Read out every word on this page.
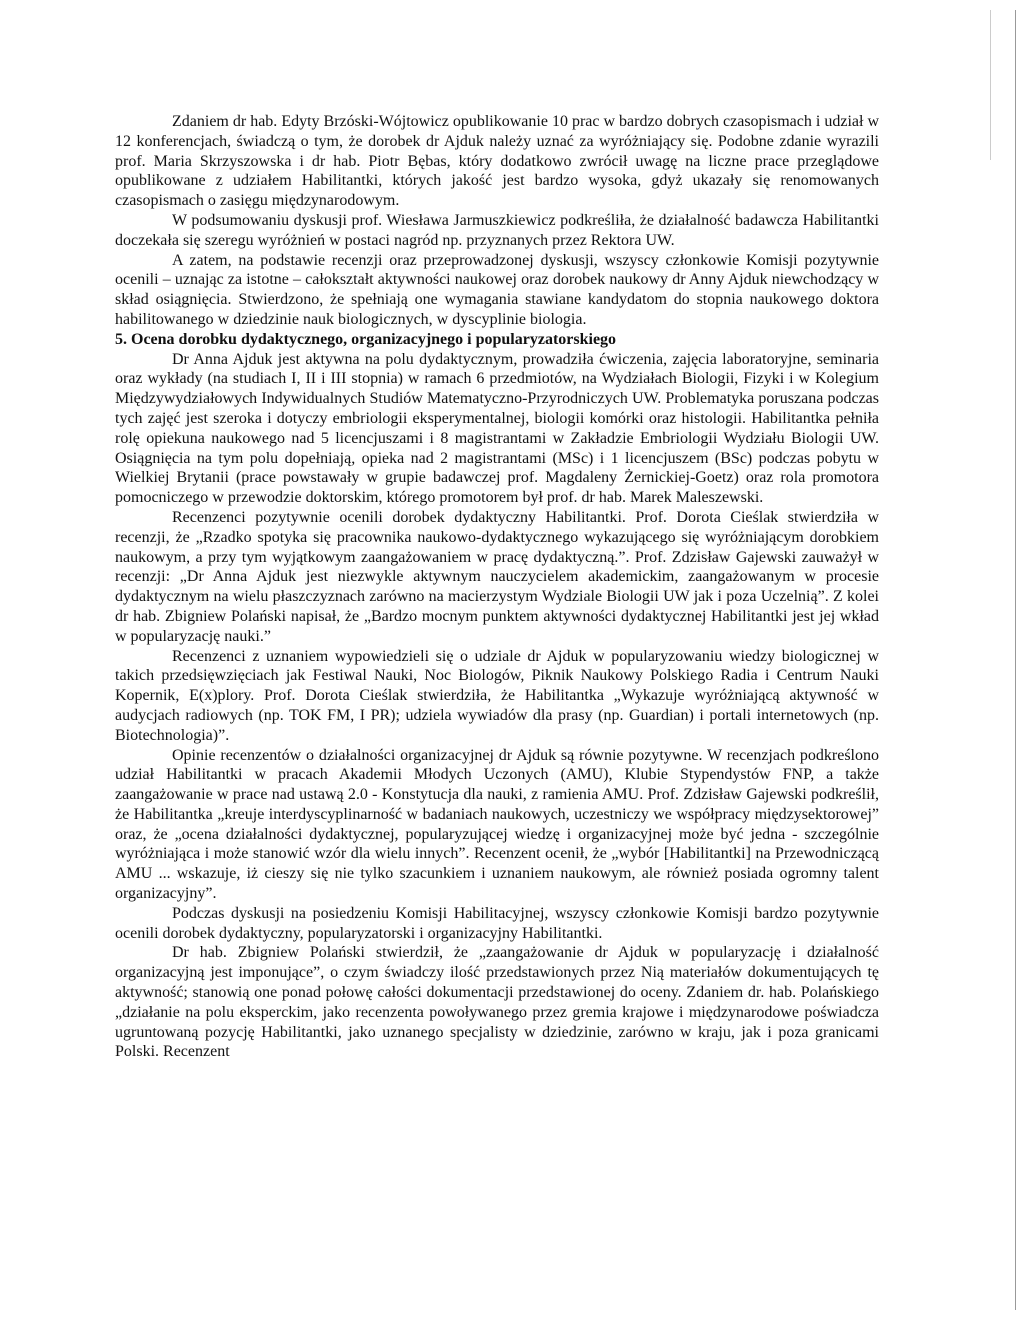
Zdaniem dr hab. Edyty Brzóski-Wójtowicz opublikowanie 10 prac w bardzo dobrych czasopismach i udział w 12 konferencjach, świadczą o tym, że dorobek dr Ajduk należy uznać za wyróżniający się. Podobne zdanie wyrazili prof. Maria Skrzyszowska i dr hab. Piotr Bębas, który dodatkowo zwrócił uwagę na liczne prace przeglądowe opublikowane z udziałem Habilitantki, których jakość jest bardzo wysoka, gdyż ukazały się renomowanych czasopismach o zasięgu międzynarodowym.

W podsumowaniu dyskusji prof. Wiesława Jarmuszkiewicz podkreśliła, że działalność badawcza Habilitantki doczekała się szeregu wyróżnień w postaci nagród np. przyznanych przez Rektora UW.

A zatem, na podstawie recenzji oraz przeprowadzonej dyskusji, wszyscy członkowie Komisji pozytywnie ocenili – uznając za istotne – całokształt aktywności naukowej oraz dorobek naukowy dr Anny Ajduk niewchodzący w skład osiągnięcia. Stwierdzono, że spełniają one wymagania stawiane kandydatom do stopnia naukowego doktora habilitowanego w dziedzinie nauk biologicznych, w dyscyplinie biologia.

5. Ocena dorobku dydaktycznego, organizacyjnego i popularyzatorskiego

Dr Anna Ajduk jest aktywna na polu dydaktycznym, prowadziła ćwiczenia, zajęcia laboratoryjne, seminaria oraz wykłady (na studiach I, II i III stopnia) w ramach 6 przedmiotów, na Wydziałach Biologii, Fizyki i w Kolegium Międzywydziałowych Indywidualnych Studiów Matematyczno-Przyrodniczych UW. Problematyka poruszana podczas tych zajęć jest szeroka i dotyczy embriologii eksperymentalnej, biologii komórki oraz histologii. Habilitantka pełniła rolę opiekuna naukowego nad 5 licencjuszami i 8 magistrantami w Zakładzie Embriologii Wydziału Biologii UW. Osiągnięcia na tym polu dopełniają, opieka nad 2 magistrantami (MSc) i 1 licencjuszem (BSc) podczas pobytu w Wielkiej Brytanii (prace powstawały w grupie badawczej prof. Magdaleny Żernickiej-Goetz) oraz rola promotora pomocniczego w przewodzie doktorskim, którego promotorem był prof. dr hab. Marek Maleszewski.

Recenzenci pozytywnie ocenili dorobek dydaktyczny Habilitantki. Prof. Dorota Cieślak stwierdziła w recenzji, że „Rzadko spotyka się pracownika naukowo-dydaktycznego wykazującego się wyróżniającym dorobkiem naukowym, a przy tym wyjątkowym zaangażowaniem w pracę dydaktyczną.”. Prof. Zdzisław Gajewski zauważył w recenzji: „Dr Anna Ajduk jest niezwykle aktywnym nauczycielem akademickim, zaangażowanym w procesie dydaktycznym na wielu płaszczyznach zarówno na macierzystym Wydziale Biologii UW jak i poza Uczelnią”. Z kolei dr hab. Zbigniew Polański napisał, że „Bardzo mocnym punktem aktywności dydaktycznej Habilitantki jest jej wkład w popularyzację nauki.”

Recenzenci z uznaniem wypowiedzieli się o udziale dr Ajduk w popularyzowaniu wiedzy biologicznej w takich przedsięwzięciach jak Festiwal Nauki, Noc Biologów, Piknik Naukowy Polskiego Radia i Centrum Nauki Kopernik, E(x)plory. Prof. Dorota Cieślak stwierdziła, że Habilitantka „Wykazuje wyróżniającą aktywność w audycjach radiowych (np. TOK FM, I PR); udziela wywiadów dla prasy (np. Guardian) i portali internetowych (np. Biotechnologia)”.

Opinie recenzentów o działalności organizacyjnej dr Ajduk są równie pozytywne. W recenzjach podkreślono udział Habilitantki w pracach Akademii Młodych Uczonych (AMU), Klubie Stypendystów FNP, a także zaangażowanie w prace nad ustawą 2.0 - Konstytucja dla nauki, z ramienia AMU. Prof. Zdzisław Gajewski podkreślił, że Habilitantka „kreuje interdyscyplinarność w badaniach naukowych, uczestniczy we współpracy międzysektorowej” oraz, że „ocena działalności dydaktycznej, popularyzującej wiedzę i organizacyjnej może być jedna - szczególnie wyróżniająca i może stanowić wzór dla wielu innych”. Recenzent ocenił, że „wybór [Habilitantki] na Przewodniczącą AMU ... wskazuje, iż cieszy się nie tylko szacunkiem i uznaniem naukowym, ale również posiada ogromny talent organizacyjny”.

Podczas dyskusji na posiedzeniu Komisji Habilitacyjnej, wszyscy członkowie Komisji bardzo pozytywnie ocenili dorobek dydaktyczny, popularyzatorski i organizacyjny Habilitantki.

Dr hab. Zbigniew Polański stwierdził, że „zaangażowanie dr Ajduk w popularyzację i działalność organizacyjną jest imponujące”, o czym świadczy ilość przedstawionych przez Nią materiałów dokumentujących tę aktywność; stanowią one ponad połowę całości dokumentacji przedstawionej do oceny. Zdaniem dr. hab. Polańskiego „działanie na polu eksperckim, jako recenzenta powoływanego przez gremia krajowe i międzynarodowe poświadcza ugruntowaną pozycję Habilitantki, jako uznanego specjalisty w dziedzinie, zarówno w kraju, jak i poza granicami Polski. Recenzent
